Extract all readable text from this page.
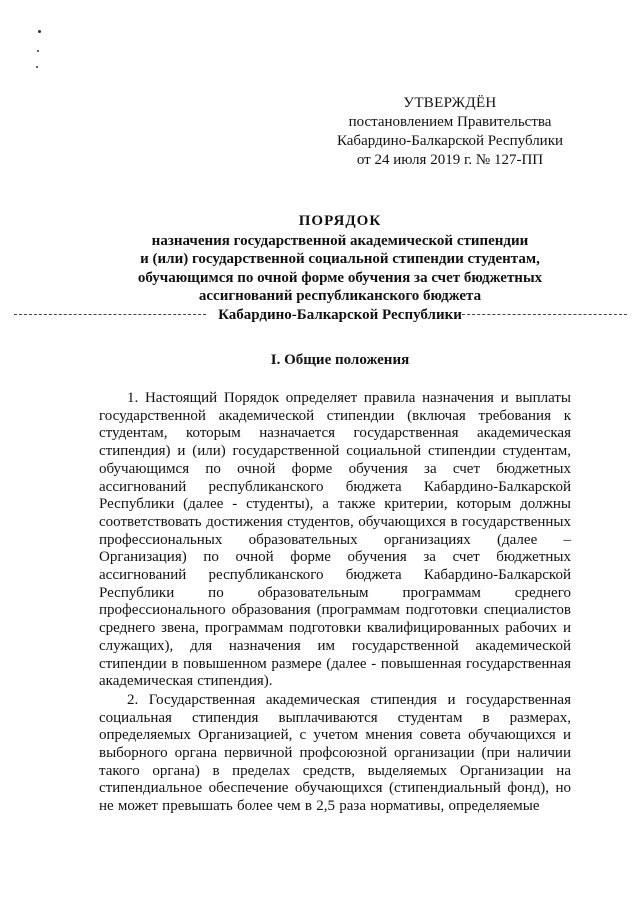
УТВЕРЖДЁН
постановлением Правительства
Кабардино-Балкарской Республики
от 24 июля 2019 г. № 127-ПП
ПОРЯДОК
назначения государственной академической стипендии
и (или) государственной социальной стипендии студентам,
обучающимся по очной форме обучения за счет бюджетных
ассигнований республиканского бюджета
Кабардино-Балкарской Республики
I. Общие положения

1. Настоящий Порядок определяет правила назначения и выплаты государственной академической стипендии (включая требования к студентам, которым назначается государственная академическая стипендия) и (или) государственной социальной стипендии студентам, обучающимся по очной форме обучения за счет бюджетных ассигнований республиканского бюджета Кабардино-Балкарской Республики (далее - студенты), а также критерии, которым должны соответствовать достижения студентов, обучающихся в государственных профессиональных образовательных организациях (далее – Организация) по очной форме обучения за счет бюджетных ассигнований республиканского бюджета Кабардино-Балкарской Республики по образовательным программам среднего профессионального образования (программам подготовки специалистов среднего звена, программам подготовки квалифицированных рабочих и служащих), для назначения им государственной академической стипендии в повышенном размере (далее - повышенная государственная академическая стипендия).

2. Государственная академическая стипендия и государственная социальная стипендия выплачиваются студентам в размерах, определяемых Организацией, с учетом мнения совета обучающихся и выборного органа первичной профсоюзной организации (при наличии такого органа) в пределах средств, выделяемых Организации на стипендиальное обеспечение обучающихся (стипендиальный фонд), но не может превышать более чем в 2,5 раза нормативы, определяемые
